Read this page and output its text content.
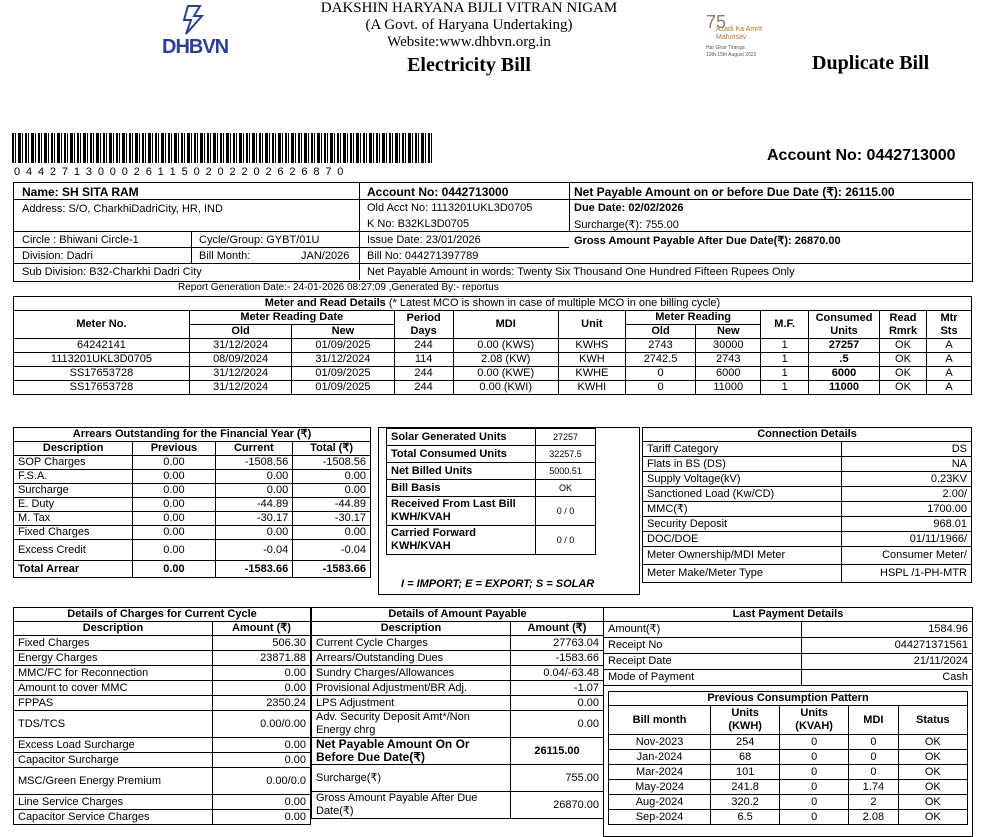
DHBVN
DAKSHIN HARYANA BIJLI VITRAN NIGAM
(A Govt. of Haryana Undertaking)
Website:www.dhbvn.org.in
Electricity Bill
75
Azadi Ka Amrit Mahotsav
Har Ghar Tiranga
13th-15th August 2022	Duplicate Bill
0 4 4 2 7 1 3 0 0 0 2 6 1 1 5 0 2 0 2 2 0 2 6 2 6 8 7 0
Account No: 0442713000
Name: SH SITA RAM
Address: S/O, CharkhiDadriCity, HR, IND
Circle : Bhiwani Circle-1	Cycle/Group: GYBT/01U
Division: Dadri	Bill Month:	JAN/2026
Sub Division: B32-Charkhi Dadri City
Account No: 0442713000
Old Acct No: 1113201UKL3D0705
K No: B32KL3D0705
Issue Date: 23/01/2026
Bill No: 044271397789
Net Payable Amount on or before Due Date (₹): 26115.00
Due Date: 02/02/2026
Surcharge(₹): 755.00
Gross Amount Payable After Due Date(₹): 26870.00
Net Payable Amount in words: Twenty Six Thousand One Hundred Fifteen Rupees Only
Report Generation Date:- 24-01-2026 08:27:09 ,Generated By:- reportus
Meter and Read Details (* Latest MCO is shown in case of multiple MCO in one billing cycle)											
Meter No.	Meter Reading Date		Period Days	MDI	Unit	Meter Reading		M.F.	Consumed Units	Read Rmrk	Mtr Sts
	Old	New				Old	New				
64242141	31/12/2024	01/09/2025	244	0.00 (KWS)	KWHS	2743	30000	1	27257	OK	A
1113201UKL3D0705	08/09/2024	31/12/2024	114	2.08 (KW)	KWH	2742.5	2743	1	.5	OK	A
SS17653728	31/12/2024	01/09/2025	244	0.00 (KWE)	KWHE	0	6000	1	6000	OK	A
SS17653728	31/12/2024	01/09/2025	244	0.00 (KWI)	KWHI	0	11000	1	11000	OK	A
Arrears Outstanding for the Financial Year (₹)			
Description	Previous	Current	Total (₹)
SOP Charges	0.00	-1508.56	-1508.56
F.S.A.	0.00	0.00	0.00
Surcharge	0.00	0.00	0.00
E. Duty	0.00	-44.89	-44.89
M. Tax	0.00	-30.17	-30.17
Fixed Charges	0.00	0.00	0.00
Excess Credit	0.00	-0.04	-0.04
Total Arrear	0.00	-1583.66	-1583.66
Solar Generated Units	27257
Total Consumed Units	32257.5
Net Billed Units	5000.51
Bill Basis	OK
Received From Last Bill KWH/KVAH	0 / 0
Carried Forward KWH/KVAH	0 / 0
I = IMPORT; E = EXPORT; S = SOLAR
Connection Details	
Tariff Category	DS
Flats in BS (DS)	NA
Supply Voltage(kV)	0.23KV
Sanctioned Load (Kw/CD)	2.00/
MMC(₹)	1700.00
Security Deposit	968.01
DOC/DOE	01/11/1966/
Meter Ownership/MDI Meter	Consumer Meter/
Meter Make/Meter Type	HSPL /1-PH-MTR
Details of Charges for Current Cycle	
Description	Amount (₹)
Fixed Charges	506.30
Energy Charges	23871.88
MMC/FC for Reconnection	0.00
Amount to cover MMC	0.00
FPPAS	2350.24
TDS/TCS	0.00/0.00
Excess Load Surcharge	0.00
Capacitor Surcharge	0.00
MSC/Green Energy Premium	0.00/0.0
Line Service Charges	0.00
Capacitor Service Charges	0.00
Details of Amount Payable	
Description	Amount (₹)
Current Cycle Charges	27763.04
Arrears/Outstanding Dues	-1583.66
Sundry Charges/Allowances	0.04/-63.48
Provisional Adjustment/BR Adj.	-1.07
LPS Adjustment	0.00
Adv. Security Deposit Amt*/Non Energy chrg	0.00
Net Payable Amount On Or Before Due Date(₹)	26115.00
Surcharge(₹)	755.00
Gross Amount Payable After Due Date(₹)	26870.00
Last Payment Details	
Amount(₹)	1584.96
Receipt No	044271371561
Receipt Date	21/11/2024
Mode of Payment	Cash
Previous Consumption Pattern				
Bill month	Units (KWH)	Units (KVAH)	MDI	Status
Nov-2023	254	0	0	OK
Jan-2024	68	0	0	OK
Mar-2024	101	0	0	OK
May-2024	241.8	0	1.74	OK
Aug-2024	320.2	0	2	OK
Sep-2024	6.5	0	2.08	OK
